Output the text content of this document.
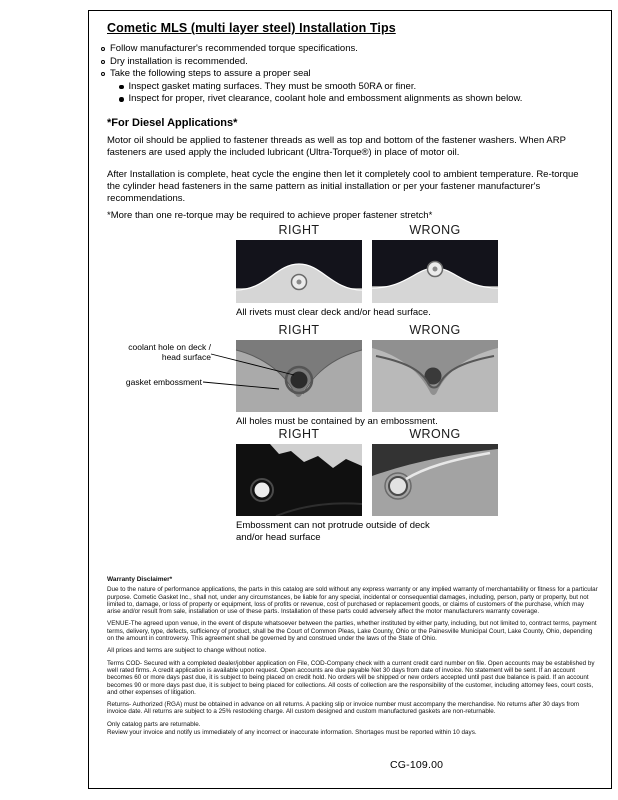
Cometic MLS (multi layer steel) Installation Tips
Follow manufacturer's recommended torque specifications.
Dry installation is recommended.
Take the following steps to assure a proper seal
Inspect gasket mating surfaces. They must be smooth 50RA or finer.
Inspect for proper, rivet clearance, coolant hole and embossment alignments as shown below.
*For Diesel Applications*
Motor oil should be applied to fastener threads as well as top and bottom of the fastener washers. When ARP fasteners are used apply the included lubricant (Ultra-Torque®) in place of motor oil.
After Installation is complete, heat cycle the engine then let it completely cool to ambient temperature. Re-torque the cylinder head fasteners in the same pattern as initial installation or per your fastener manufacturer's recommendations.
*More than one re-torque may be required to achieve proper fastener stretch*
RIGHT	WRONG
All rivets must clear deck and/or head surface.
RIGHT	WRONG
All holes must be contained by an embossment.
coolant hole on deck / head surface
gasket embossment
RIGHT	WRONG
Embossment can not protrude outside of deck and/or head surface
Warranty Disclaimer*

Due to the nature of performance applications, the parts in this catalog are sold without any express warranty or any implied warranty of merchantability or fitness for a particular purpose. Cometic Gasket Inc., shall not, under any circumstances, be liable for any special, incidental or consequential damages, including, person, party or property, but not limited to, damage, or loss of property or equipment, loss of profits or revenue, cost of purchased or replacement goods, or claims of customers of the purchase, which may arise and/or result from sale, installation or use of these parts. Installation of these parts could adversely affect the motor manufacturers warranty coverage.

VENUE-The agreed upon venue, in the event of dispute whatsoever between the parties, whether instituted by either party, including, but not limited to, contract terms, payment terms, delivery, type, defects, sufficiency of product, shall be the Court of Common Pleas, Lake County, Ohio or the Painesville Municipal Court, Lake County, Ohio, depending on the amount in controversy. This agreement shall be governed by and construed under the laws of the State of Ohio.

All prices and terms are subject to change without notice.

Terms COD- Secured with a completed dealer/jobber application on File, COD-Company check with a current credit card number on file. Open accounts may be established by well rated firms. A credit application is available upon request. Open accounts are due payable Net 30 days from date of invoice. No statement will be sent. If an account becomes 60 or more days past due, it is subject to being placed on credit hold. No orders will be shipped or new orders accepted until past due balance is paid. If an account becomes 90 or more days past due, it is subject to being placed for collections. All costs of collection are the responsibility of the customer, including attorney fees, court costs, and other expenses of litigation.

Returns- Authorized (RGA) must be obtained in advance on all returns. A packing slip or invoice number must accompany the merchandise. No returns after 30 days from invoice date. All returns are subject to a 25% restocking charge. All custom designed and custom manufactured gaskets are non-returnable.

Only catalog parts are returnable.

Review your invoice and notify us immediately of any incorrect or inaccurate information. Shortages must be reported within 10 days.

CG-109.00
